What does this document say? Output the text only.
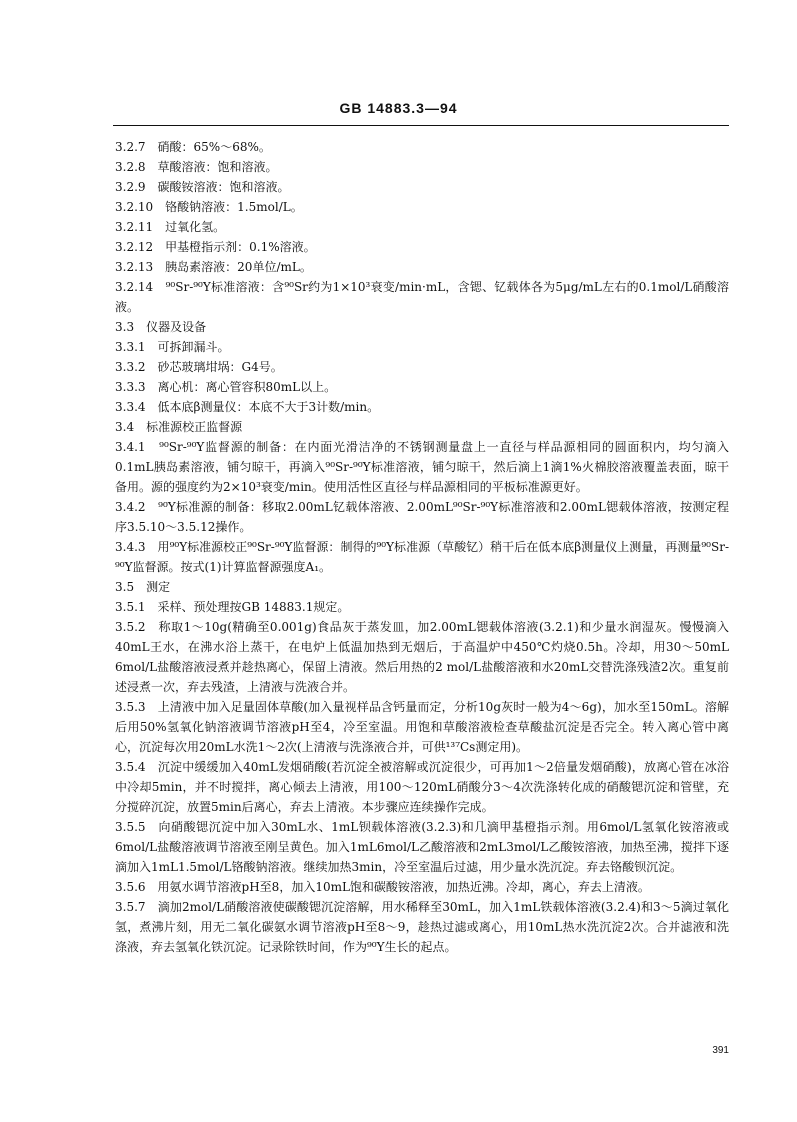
GB 14883.3—94

3.2.7　硝酸：65%～68%。

3.2.8　草酸溶液：饱和溶液。

3.2.9　碳酸铵溶液：饱和溶液。

3.2.10　铬酸钠溶液：1.5mol/L。

3.2.11　过氧化氢。

3.2.12　甲基橙指示剂：0.1%溶液。

3.2.13　胰岛素溶液：20单位/mL。

3.2.14　⁹⁰Sr-⁹⁰Y标准溶液：含⁹⁰Sr约为1×10³衰变/min·mL，含锶、钇载体各为5μg/mL左右的0.1mol/L硝酸溶液。

3.3　仪器及设备

3.3.1　可拆卸漏斗。

3.3.2　砂芯玻璃坩埚：G4号。

3.3.3　离心机：离心管容积80mL以上。

3.3.4　低本底β测量仪：本底不大于3计数/min。

3.4　标准源校正监督源

3.4.1　⁹⁰Sr-⁹⁰Y监督源的制备：在内面光滑洁净的不锈钢测量盘上一直径与样品源相同的圆面积内，均匀滴入0.1mL胰岛素溶液，铺匀晾干，再滴入⁹⁰Sr-⁹⁰Y标准溶液，铺匀晾干，然后滴上1滴1%火棉胶溶液覆盖表面，晾干备用。源的强度约为2×10³衰变/min。使用活性区直径与样品源相同的平板标准源更好。

3.4.2　⁹⁰Y标准源的制备：移取2.00mL钇载体溶液、2.00mL⁹⁰Sr-⁹⁰Y标准溶液和2.00mL锶载体溶液，按测定程序3.5.10～3.5.12操作。

3.4.3　用⁹⁰Y标准源校正⁹⁰Sr-⁹⁰Y监督源：制得的⁹⁰Y标准源（草酸钇）稍干后在低本底β测量仪上测量，再测量⁹⁰Sr-⁹⁰Y监督源。按式(1)计算监督源强度A₁。

3.5　测定

3.5.1　采样、预处理按GB 14883.1规定。

3.5.2　称取1～10g(精确至0.001g)食品灰于蒸发皿，加2.00mL锶载体溶液(3.2.1)和少量水润湿灰。慢慢滴入40mL王水，在沸水浴上蒸干，在电炉上低温加热到无烟后，于高温炉中450℃灼烧0.5h。冷却，用30～50mL 6mol/L盐酸溶液浸煮并趁热离心，保留上清液。然后用热的2 mol/L盐酸溶液和水20mL交替洗涤残渣2次。重复前述浸煮一次，弃去残渣，上清液与洗液合并。

3.5.3　上清液中加入足量固体草酸(加入量视样品含钙量而定，分析10g灰时一般为4～6g)，加水至150mL。溶解后用50%氢氧化钠溶液调节溶液pH至4，冷至室温。用饱和草酸溶液检查草酸盐沉淀是否完全。转入离心管中离心，沉淀每次用20mL水洗1～2次(上清液与洗涤液合并，可供¹³⁷Cs测定用)。

3.5.4　沉淀中缓缓加入40mL发烟硝酸(若沉淀全被溶解或沉淀很少，可再加1～2倍量发烟硝酸)，放离心管在冰浴中冷却5min，并不时搅拌，离心倾去上清液，用100～120mL硝酸分3～4次洗涤转化成的硝酸锶沉淀和管壁，充分搅碎沉淀，放置5min后离心，弃去上清液。本步骤应连续操作完成。

3.5.5　向硝酸锶沉淀中加入30mL水、1mL钡载体溶液(3.2.3)和几滴甲基橙指示剂。用6mol/L氢氧化铵溶液或6mol/L盐酸溶液调节溶液至刚呈黄色。加入1mL6mol/L乙酸溶液和2mL3mol/L乙酸铵溶液，加热至沸，搅拌下逐滴加入1mL1.5mol/L铬酸钠溶液。继续加热3min，冷至室温后过滤，用少量水洗沉淀。弃去铬酸钡沉淀。

3.5.6　用氨水调节溶液pH至8，加入10mL饱和碳酸铵溶液，加热近沸。冷却，离心，弃去上清液。

3.5.7　滴加2mol/L硝酸溶液使碳酸锶沉淀溶解，用水稀释至30mL，加入1mL铁载体溶液(3.2.4)和3～5滴过氧化氢，煮沸片刻，用无二氧化碳氨水调节溶液pH至8～9，趁热过滤或离心，用10mL热水洗沉淀2次。合并滤液和洗涤液，弃去氢氧化铁沉淀。记录除铁时间，作为⁹⁰Y生长的起点。

391
